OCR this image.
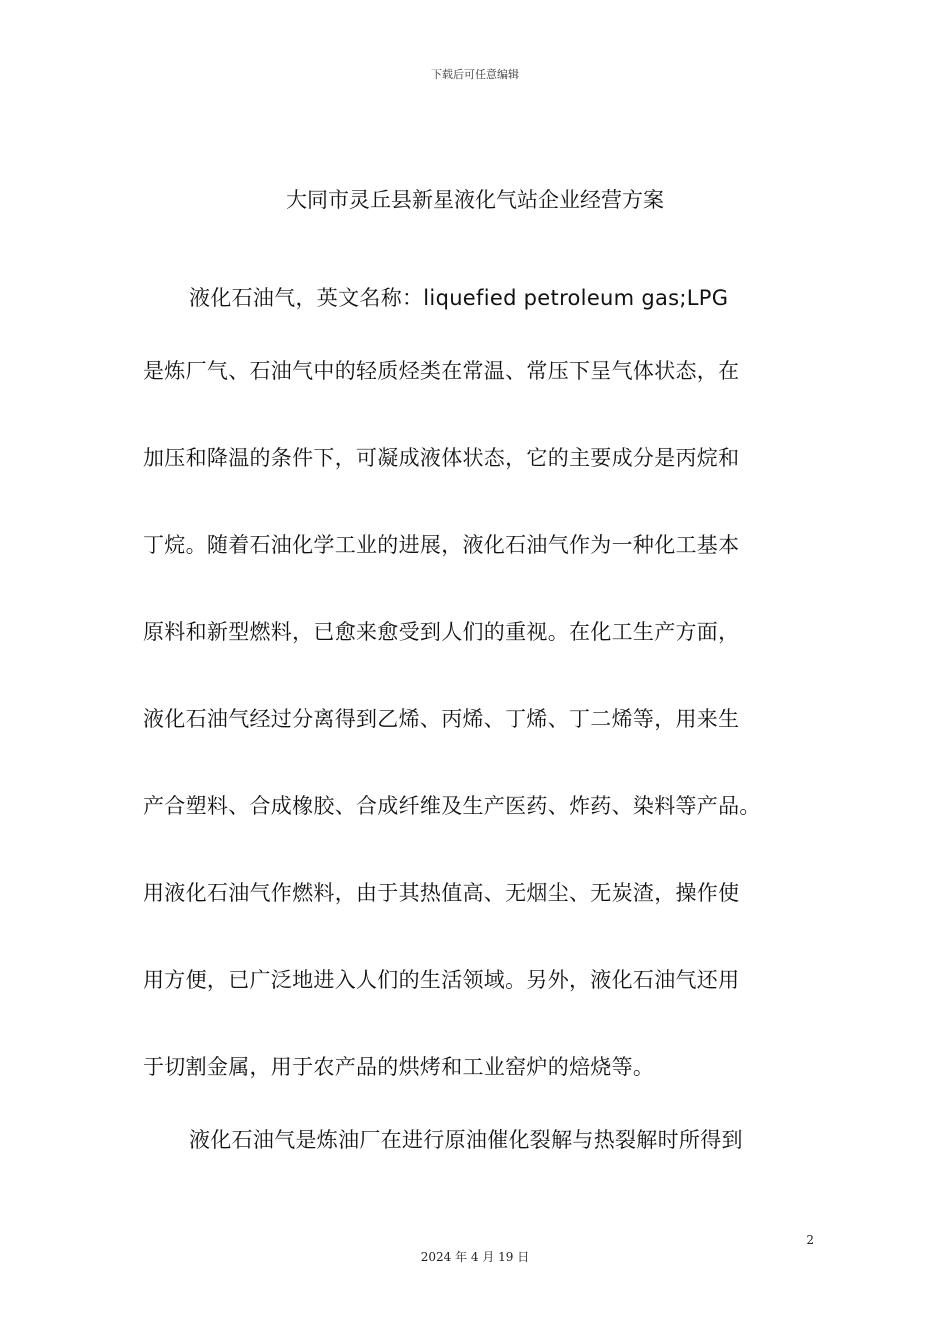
下载后可任意编辑
大同市灵丘县新星液化气站企业经营方案
液化石油气，英文名称：liquefied petroleum gas;LPG
是炼厂气、石油气中的轻质烃类在常温、常压下呈气体状态，在
加压和降温的条件下，可凝成液体状态，它的主要成分是丙烷和
丁烷。随着石油化学工业的进展，液化石油气作为一种化工基本
原料和新型燃料，已愈来愈受到人们的重视。在化工生产方面，
液化石油气经过分离得到乙烯、丙烯、丁烯、丁二烯等，用来生
产合塑料、合成橡胶、合成纤维及生产医药、炸药、染料等产品。
用液化石油气作燃料，由于其热值高、无烟尘、无炭渣，操作使
用方便，已广泛地进入人们的生活领域。另外，液化石油气还用
于切割金属，用于农产品的烘烤和工业窑炉的焙烧等。
液化石油气是炼油厂在进行原油催化裂解与热裂解时所得到
2
2024 年 4 月 19 日
